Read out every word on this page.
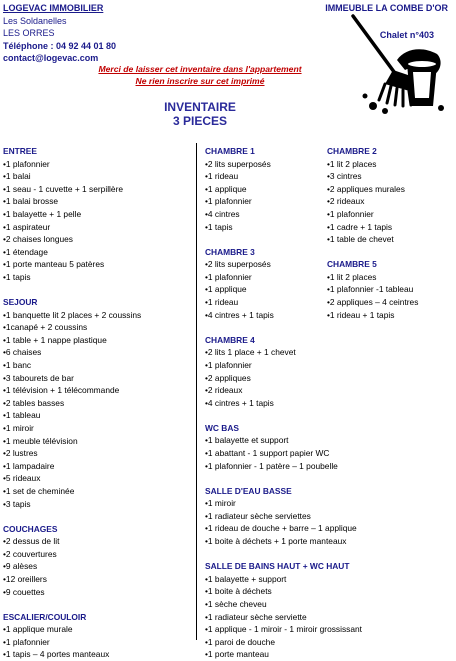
LOGEVAC IMMOBILIER
Les Soldanelles
LES ORRES
Téléphone : 04 92 44 01 80
contact@logevac.com
IMMEUBLE LA COMBE D'OR
Chalet n°403
Merci de laisser cet inventaire dans l'appartement
Ne rien inscrire sur cet imprimé
INVENTAIRE
3 PIECES
ENTREE
•1 plafonnier
•1 balai
•1 seau - 1 cuvette + 1 serpillère
•1 balai brosse
•1 balayette + 1 pelle
•1 aspirateur
•2 chaises longues
•1 étendage
•1 porte manteau 5 patères
•1 tapis
SEJOUR
•1 banquette lit 2 places + 2 coussins
•1canapé + 2 coussins
•1 table + 1 nappe plastique
•6 chaises
•1 banc
•3 tabourets de bar
•1 télévision + 1 télécommande
•2 tables basses
•1 tableau
•1 miroir
•1 meuble télévision
•2 lustres
•1 lampadaire
•5 rideaux
•1 set de cheminée
•3 tapis
COUCHAGES
•2 dessus de lit
•2 couvertures
•9 alèses
•12 oreillers
•9 couettes
ESCALIER/COULOIR
•1 applique murale
•1 plafonnier
•1 tapis – 4 portes manteaux
CHAMBRE 1
•2 lits superposés
•1 rideau
•1 applique
•1 plafonnier
•4 cintres
•1 tapis
CHAMBRE 3
•2 lits superposés
•1 plafonnier
•1 applique
•1 rideau
•4 cintres + 1 tapis
CHAMBRE 4
•2 lits 1 place + 1 chevet
•1 plafonnier
•2 appliques
•2 rideaux
•4 cintres + 1 tapis
WC BAS
•1 balayette et support
•1 abattant - 1 support papier WC
•1 plafonnier - 1 patère – 1 poubelle
SALLE D'EAU BASSE
•1 miroir
•1 radiateur sèche serviettes
•1 rideau de douche + barre – 1 applique
•1 boite à déchets + 1 porte manteaux
SALLE DE BAINS HAUT + WC HAUT
•1 balayette + support
•1 boite à déchets
•1 sèche cheveu
•1 radiateur sèche serviette
•1 applique - 1 miroir - 1 miroir grossissant
•1 paroi de douche
•1 porte manteau
CHAMBRE 2
•1 lit 2 places
•3 cintres
•2 appliques murales
•2 rideaux
•1 plafonnier
•1 cadre + 1 tapis
•1 table de chevet
CHAMBRE 5
•1 lit 2 places
•1 plafonnier -1 tableau
•2 appliques – 4 ceintres
•1 rideau + 1 tapis
